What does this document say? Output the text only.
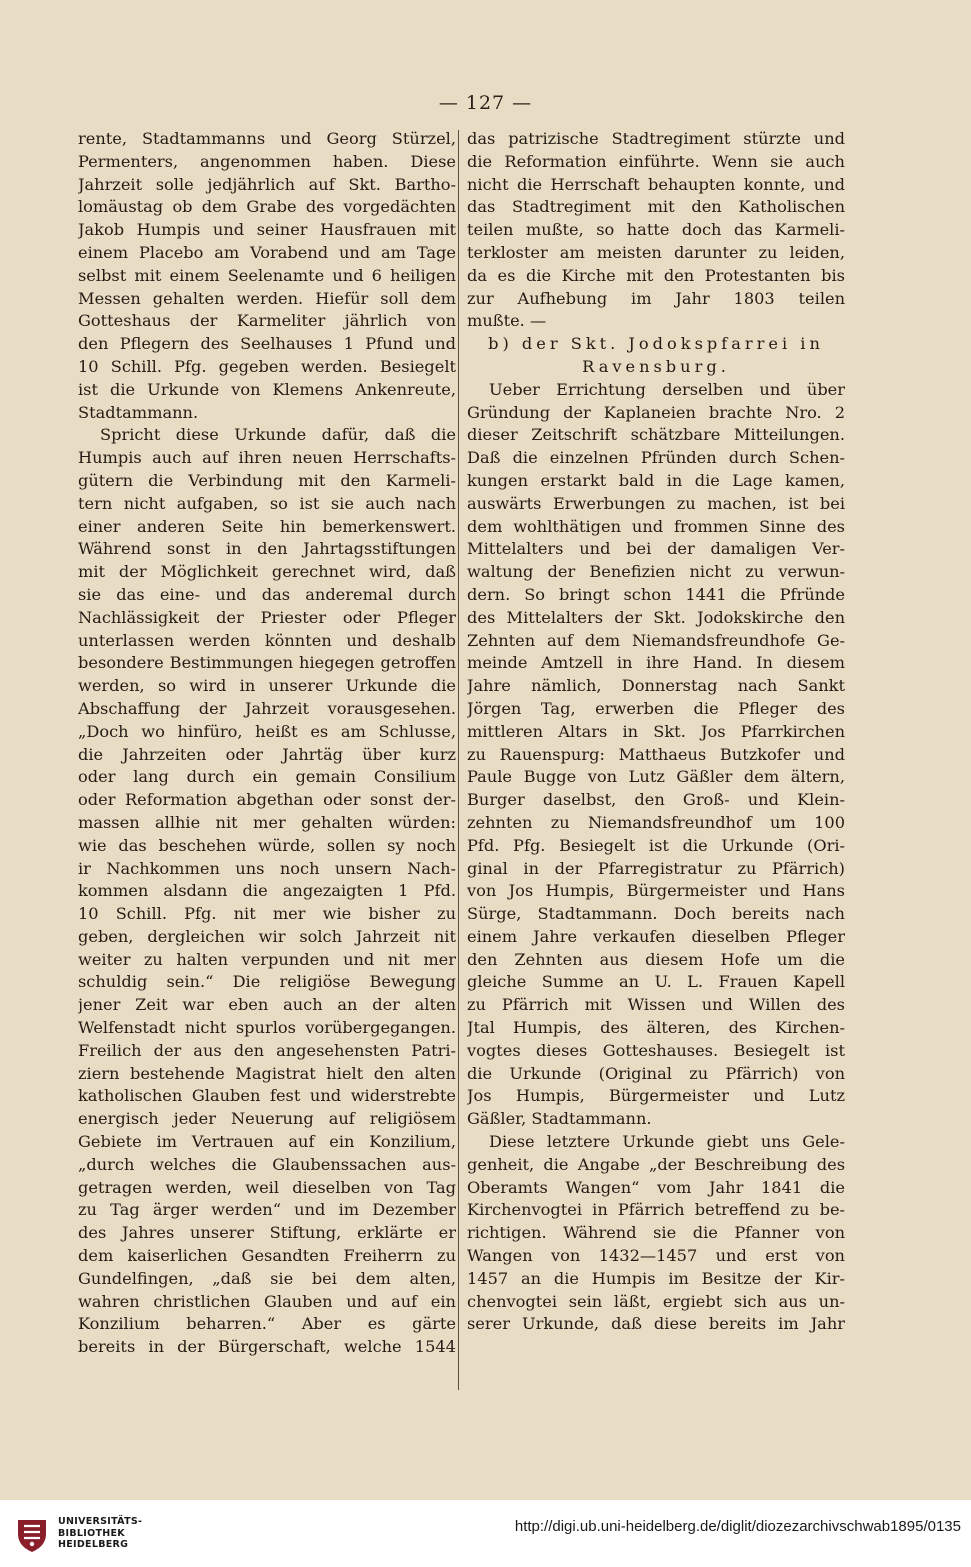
— 127 —

rente, Stadtammanns und Georg Stürzel,
Permenters, angenommen haben. Diese
Jahrzeit solle jedjährlich auf Skt. Bartho-
lomäustag ob dem Grabe des vorgedächten
Jakob Humpis und seiner Hausfrauen mit
einem Placebo am Vorabend und am Tage
selbst mit einem Seelenamte und 6 heiligen
Messen gehalten werden. Hiefür soll dem
Gotteshaus der Karmeliter jährlich von
den Pflegern des Seelhauses 1 Pfund und
10 Schill. Pfg. gegeben werden. Besiegelt
ist die Urkunde von Klemens Ankenreute,
Stadtammann.
Spricht diese Urkunde dafür, daß die
Humpis auch auf ihren neuen Herrschafts-
gütern die Verbindung mit den Karmeli-
tern nicht aufgaben, so ist sie auch nach
einer anderen Seite hin bemerkenswert.
Während sonst in den Jahrtagsstiftungen
mit der Möglichkeit gerechnet wird, daß
sie das eine- und das anderemal durch
Nachlässigkeit der Priester oder Pfleger
unterlassen werden könnten und deshalb
besondere Bestimmungen hiegegen getroffen
werden, so wird in unserer Urkunde die
Abschaffung der Jahrzeit vorausgesehen.
„Doch wo hinfüro, heißt es am Schlusse,
die Jahrzeiten oder Jahrtäg über kurz
oder lang durch ein gemain Consilium
oder Reformation abgethan oder sonst der-
massen allhie nit mer gehalten würden:
wie das beschehen würde, sollen sy noch
ir Nachkommen uns noch unsern Nach-
kommen alsdann die angezaigten 1 Pfd.
10 Schill. Pfg. nit mer wie bisher zu
geben, dergleichen wir solch Jahrzeit nit
weiter zu halten verpunden und nit mer
schuldig sein.“ Die religiöse Bewegung
jener Zeit war eben auch an der alten
Welfenstadt nicht spurlos vorübergegangen.
Freilich der aus den angesehensten Patri-
ziern bestehende Magistrat hielt den alten
katholischen Glauben fest und widerstrebte
energisch jeder Neuerung auf religiösem
Gebiete im Vertrauen auf ein Konzilium,
„durch welches die Glaubenssachen aus-
getragen werden, weil dieselben von Tag
zu Tag ärger werden“ und im Dezember
des Jahres unserer Stiftung, erklärte er
dem kaiserlichen Gesandten Freiherrn zu
Gundelfingen, „daß sie bei dem alten,
wahren christlichen Glauben und auf ein
Konzilium beharren.“ Aber es gärte
bereits in der Bürgerschaft, welche 1544
das patrizische Stadtregiment stürzte und
die Reformation einführte. Wenn sie auch
nicht die Herrschaft behaupten konnte, und
das Stadtregiment mit den Katholischen
teilen mußte, so hatte doch das Karmeli-
terkloster am meisten darunter zu leiden,
da es die Kirche mit den Protestanten bis
zur Aufhebung im Jahr 1803 teilen
mußte. —
b) der Skt. Jodokspfarrei in
Ravensburg.
Ueber Errichtung derselben und über
Gründung der Kaplaneien brachte Nro. 2
dieser Zeitschrift schätzbare Mitteilungen.
Daß die einzelnen Pfründen durch Schen-
kungen erstarkt bald in die Lage kamen,
auswärts Erwerbungen zu machen, ist bei
dem wohlthätigen und frommen Sinne des
Mittelalters und bei der damaligen Ver-
waltung der Benefizien nicht zu verwun-
dern. So bringt schon 1441 die Pfründe
des Mittelalters der Skt. Jodokskirche den
Zehnten auf dem Niemandsfreundhofe Ge-
meinde Amtzell in ihre Hand. In diesem
Jahre nämlich, Donnerstag nach Sankt
Jörgen Tag, erwerben die Pfleger des
mittleren Altars in Skt. Jos Pfarrkirchen
zu Rauenspurg: Matthaeus Butzkofer und
Paule Bugge von Lutz Gäßler dem ältern,
Burger daselbst, den Groß- und Klein-
zehnten zu Niemandsfreundhof um 100
Pfd. Pfg. Besiegelt ist die Urkunde (Ori-
ginal in der Pfarregistratur zu Pfärrich)
von Jos Humpis, Bürgermeister und Hans
Sürge, Stadtammann. Doch bereits nach
einem Jahre verkaufen dieselben Pfleger
den Zehnten aus diesem Hofe um die
gleiche Summe an U. L. Frauen Kapell
zu Pfärrich mit Wissen und Willen des
Jtal Humpis, des älteren, des Kirchen-
vogtes dieses Gotteshauses. Besiegelt ist
die Urkunde (Original zu Pfärrich) von
Jos Humpis, Bürgermeister und Lutz
Gäßler, Stadtammann.
Diese letztere Urkunde giebt uns Gele-
genheit, die Angabe „der Beschreibung des
Oberamts Wangen“ vom Jahr 1841 die
Kirchenvogtei in Pfärrich betreffend zu be-
richtigen. Während sie die Pfanner von
Wangen von 1432—1457 und erst von
1457 an die Humpis im Besitze der Kir-
chenvogtei sein läßt, ergiebt sich aus un-
serer Urkunde, daß diese bereits im Jahr

UNIVERSITÄTS-
BIBLIOTHEK
HEIDELBERG

http://digi.ub.uni-heidelberg.de/diglit/diozezarchivschwab1895/0135
